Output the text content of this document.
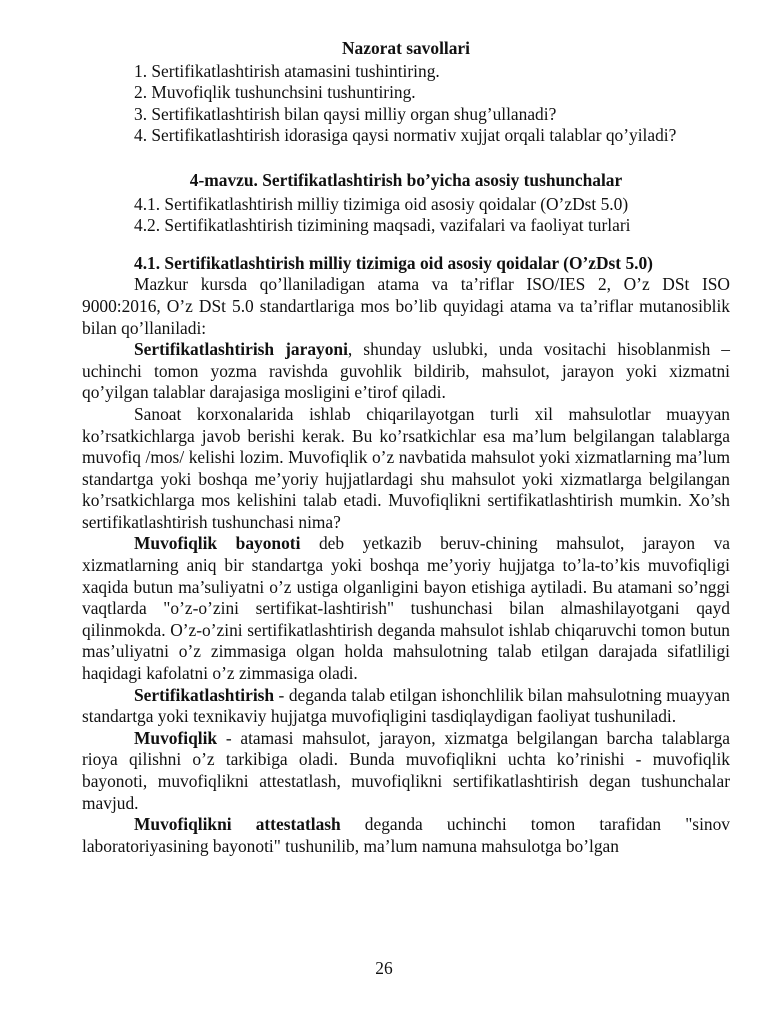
Nazorat savollari

1. Sertifikatlashtirish atamasini tushintiring.
2. Muvofiqlik tushunchsini tushuntiring.
3. Sertifikatlashtirish bilan qaysi milliy organ shug’ullanadi?
4. Sertifikatlashtirish idorasiga qaysi normativ xujjat orqali talablar qo’yiladi?

4-mavzu. Sertifikatlashtirish bo’yicha asosiy tushunchalar

4.1. Sertifikatlashtirish milliy tizimiga oid asosiy qoidalar (O’zDst 5.0)

4.2. Sertifikatlashtirish tizimining maqsadi, vazifalari va faoliyat turlari

4.1. Sertifikatlashtirish milliy tizimiga oid asosiy qoidalar (O’zDst 5.0)

Mazkur kursda qo’llaniladigan atama va ta’riflar ISO/IES 2, O’z DSt ISO 9000:2016, O’z DSt 5.0 standartlariga mos bo’lib quyidagi atama va ta’riflar mutanosiblik bilan qo’llaniladi:

Sertifikatlashtirish jarayoni, shunday uslubki, unda vositachi hisoblanmish – uchinchi tomon yozma ravishda guvohlik bildirib, mahsulot, jarayon yoki xizmatni qo’yilgan talablar darajasiga mosligini e’tirof qiladi.

Sanoat korxonalarida ishlab chiqarilayotgan turli xil mahsulotlar muayyan ko’rsatkichlarga javob berishi kerak. Bu ko’rsatkichlar esa ma’lum belgilangan talablarga muvofiq /mos/ kelishi lozim. Muvofiqlik o’z navbatida mahsulot yoki xizmatlarning ma’lum standartga yoki boshqa me’yoriy hujjatlardagi shu mahsulot yoki xizmatlarga belgilangan ko’rsatkichlarga mos kelishini talab etadi. Muvofiqlikni sertifikatlashtirish mumkin. Xo’sh sertifikatlashtirish tushunchasi nima?

Muvofiqlik bayonoti deb yetkazib beruv-chining mahsulot, jarayon va xizmatlarning aniq bir standartga yoki boshqa me’yoriy hujjatga to’la-to’kis muvofiqligi xaqida butun ma’suliyatni o’z ustiga olganligini bayon etishiga aytiladi. Bu atamani so’nggi vaqtlarda "o’z-o’zini sertifikat-lashtirish" tushunchasi bilan almashilayotgani qayd qilinmokda. O’z-o’zini sertifikatlashtirish deganda mahsulot ishlab chiqaruvchi tomon butun mas’uliyatni o’z zimmasiga olgan holda mahsulotning talab etilgan darajada sifatliligi haqidagi kafolatni o’z zimmasiga oladi.

Sertifikatlashtirish - deganda talab etilgan ishonchlilik bilan mahsulotning muayyan standartga yoki texnikaviy hujjatga muvofiqligini tasdiqlaydigan faoliyat tushuniladi.

Muvofiqlik - atamasi mahsulot, jarayon, xizmatga belgilangan barcha talablarga rioya qilishni o’z tarkibiga oladi. Bunda muvofiqlikni uchta ko’rinishi - muvofiqlik bayonoti, muvofiqlikni attestatlash, muvofiqlikni sertifikatlashtirish degan tushunchalar mavjud.

Muvofiqlikni attestatlash deganda uchinchi tomon tarafidan "sinov laboratoriyasining bayonoti" tushunilib, ma’lum namuna mahsulotga bo’lgan

26
